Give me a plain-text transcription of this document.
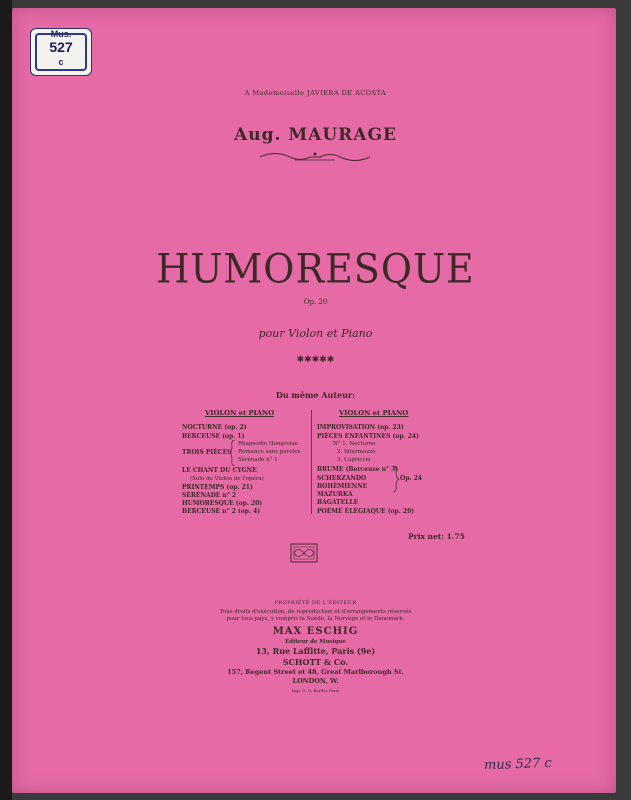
Mus.
527
c
A Mademoiselle JAVIERA DE ACOSTA
Aug. MAURAGE
HUMORESQUE
Op. 20
pour Violon et Piano
✱✱✱✱✱
Du même Auteur:
VIOLON et PIANO	VIOLON et PIANO
NOCTURNE (op. 2)
BERCEUSE (op. 1)
Rhapsodie Hongroise
TROIS PIÈCES Romance sans paroles
Sérénade n° 1
LE CHANT DU CYGNE
(Solo de Violon de l'opéra)
PRINTEMPS (op. 21)
SÉRÉNADE n° 2
HUMORESQUE (op. 20)
BERCEUSE n° 2 (op. 4)
IMPROVISATION (op. 23)
PIÈCES ENFANTINES (op. 24)
N° 1. Nocturne
2. Intermezzo
3. Capriccio
BRUME (Berceuse n° 3)
SCHERZANDO
BOHÉMIENNE
MAZURKA
BAGATELLE
POÈME ÉLÉGIAQUE (op. 29)
Op. 24
Prix net: 1.75
PROPRIÉTÉ DE L'ÉDITEUR
Tous droits d'exécution, de reproduction et d'arrangements réservés
pour tous pays, y compris la Suède, la Norvège et le Danemark.
MAX ESCHIG
Éditeur de Musique
13, Rue Laffitte, Paris (9e)
SCHOTT & Co.
157, Regent Street et 48, Great Marlborough St.
LONDON, W.
Imp. G. G. Bordes Paris
mus 527 c
